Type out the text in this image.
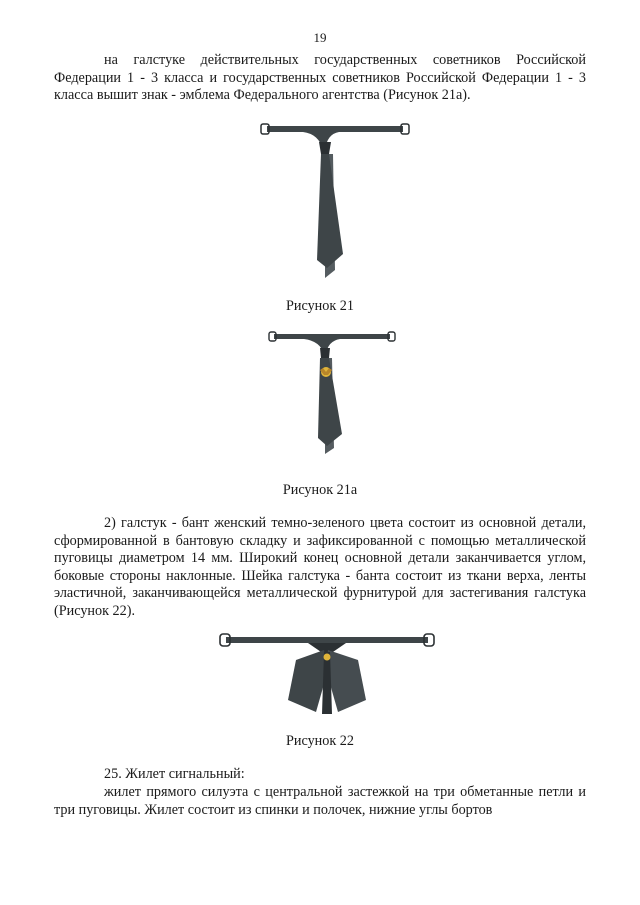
19

на галстуке действительных государственных советников Российской Федерации 1 - 3 класса и государственных советников Российской Федерации 1 - 3 класса вышит знак - эмблема Федерального агентства (Рисунок 21а).

Рисунок 21
Рисунок 21а

2) галстук - бант женский темно-зеленого цвета состоит из основной детали, сформированной в бантовую складку и зафиксированной с помощью металлической пуговицы диаметром 14 мм. Широкий конец основной детали заканчивается углом, боковые стороны наклонные. Шейка галстука - банта состоит из ткани верха, ленты эластичной, заканчивающейся металлической фурнитурой для застегивания галстука (Рисунок 22).

Рисунок 22

25. Жилет сигнальный:

жилет прямого силуэта с центральной застежкой на три обметанные петли и три пуговицы. Жилет состоит из спинки и полочек, нижние углы бортов
